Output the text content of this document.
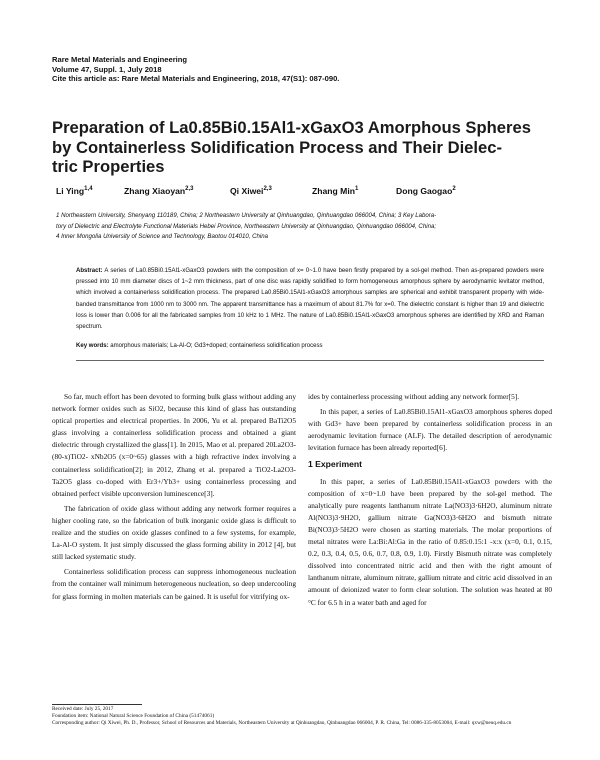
Rare Metal Materials and Engineering
Volume 47, Suppl. 1, July 2018
Cite this article as: Rare Metal Materials and Engineering, 2018, 47(S1): 087-090.
Preparation of La0.85Bi0.15Al1-xGaxO3 Amorphous Spheres
by Containerless Solidification Process and Their Dielec-
tric Properties
Li Ying$^{1,4}$	Zhang Xiaoyan$^{2,3}$	Qi Xiwei$^{2,3}$	Zhang Min$^1$	Dong Gaogao$^2$
1 Northeastern University, Shenyang 110189, China; 2 Northeastern University at Qinhuangdao, Qinhuangdao 066004, China; 3 Key Labora-
tory of Dielectric and Electrolyte Functional Materials Hebei Province, Northeastern University at Qinhuangdao, Qinhuangdao 066004, China;
4 Inner Mongolia University of Science and Technology, Baotou 014010, China
Abstract: A series of La0.85Bi0.15Al1-xGaxO3 powders with the composition of x= 0~1.0 have been firstly prepared by a sol-gel method. Then as-prepared powders were pressed into 10 mm diameter discs of 1~2 mm thickness, part of one disc was rapidly solidified to form homogeneous amorphous sphere by aerodynamic levitator method, which involved a containerless solidification process. The prepared La0.85Bi0.15Al1-xGaxO3 amorphous samples are spherical and exhibit transparent property with wide-banded transmittance from 1000 nm to 3000 nm. The apparent transmittance has a maximum of about 81.7% for x=0. The dielectric constant is higher than 19 and dielectric loss is lower than 0.006 for all the fabricated samples from 10 kHz to 1 MHz. The nature of La0.85Bi0.15Al1-xGaxO3 amorphous spheres are identified by XRD and Raman spectrum.
Key words: amorphous materials; La-Al-O; Gd3+doped; containerless solidification process

So far, much effort has been devoted to forming bulk glass without adding any network former oxides such as SiO2, because this kind of glass has outstanding optical properties and electrical properties. In 2006, Yu et al. prepared BaTi2O5 glass involving a containerless solidification process and obtained a giant dielectric through crystallized the glass[1]. In 2015, Mao et al. prepared 20La2O3-(80-x)TiO2- xNb2O5 (x=0~65) glasses with a high refractive index involving a containerless solidification[2]; in 2012, Zhang et al. prepared a TiO2-La2O3-Ta2O5 glass co-doped with Er3+/Yb3+ using containerless processing and obtained perfect visible upconversion luminescence[3].

The fabrication of oxide glass without adding any network former requires a higher cooling rate, so the fabrication of bulk inorganic oxide glass is difficult to realize and the studies on oxide glasses confined to a few systems, for example, La-Al-O system. It just simply discussed the glass forming ability in 2012 [4], but still lacked systematic study.

Containerless solidification process can suppress inhomogeneous nucleation from the container wall minimum heterogeneous nucleation, so deep undercooling for glass forming in molten materials can be gained. It is useful for vitrifying ox-

ides by containerless processing without adding any network former[5].

In this paper, a series of La0.85Bi0.15Al1-xGaxO3 amorphous spheres doped with Gd3+ have been prepared by containerless solidification process in an aerodynamic levitation furnace (ALF). The detailed description of aerodynamic levitation furnace has been already reported[6].

1 Experiment

In this paper, a series of La0.85Bi0.15Al1-xGaxO3 powders with the composition of x=0~1.0 have been prepared by the sol-gel method. The analytically pure reagents lanthanum nitrate La(NO3)3·6H2O, aluminum nitrate Al(NO3)3·9H2O, gallium nitrate Ga(NO3)3·6H2O and bismuth nitrate Bi(NO3)3·5H2O were chosen as starting materials. The molar proportions of metal nitrates were La:Bi:Al:Ga in the ratio of 0.85:0.15:1 -x:x (x=0, 0.1, 0.15, 0.2, 0.3, 0.4, 0.5, 0.6, 0.7, 0.8, 0.9, 1.0). Firstly Bismuth nitrate was completely dissolved into concentrated nitric acid and then with the right amount of lanthanum nitrate, aluminum nitrate, gallium nitrate and citric acid dissolved in an amount of deionized water to form clear solution. The solution was heated at 80 °C for 6.5 h in a water bath and aged for

Received date: July 25, 2017
Foundation item: National Natural Science Foundation of China (51474061)
Corresponding author: Qi Xiwei, Ph. D., Professor, School of Resources and Materials, Northeastern University at Qinhuangdao, Qinhuangdao 066004, P. R. China, Tel: 0086-335-8053004, E-mail: qxw@neuq.edu.cn
